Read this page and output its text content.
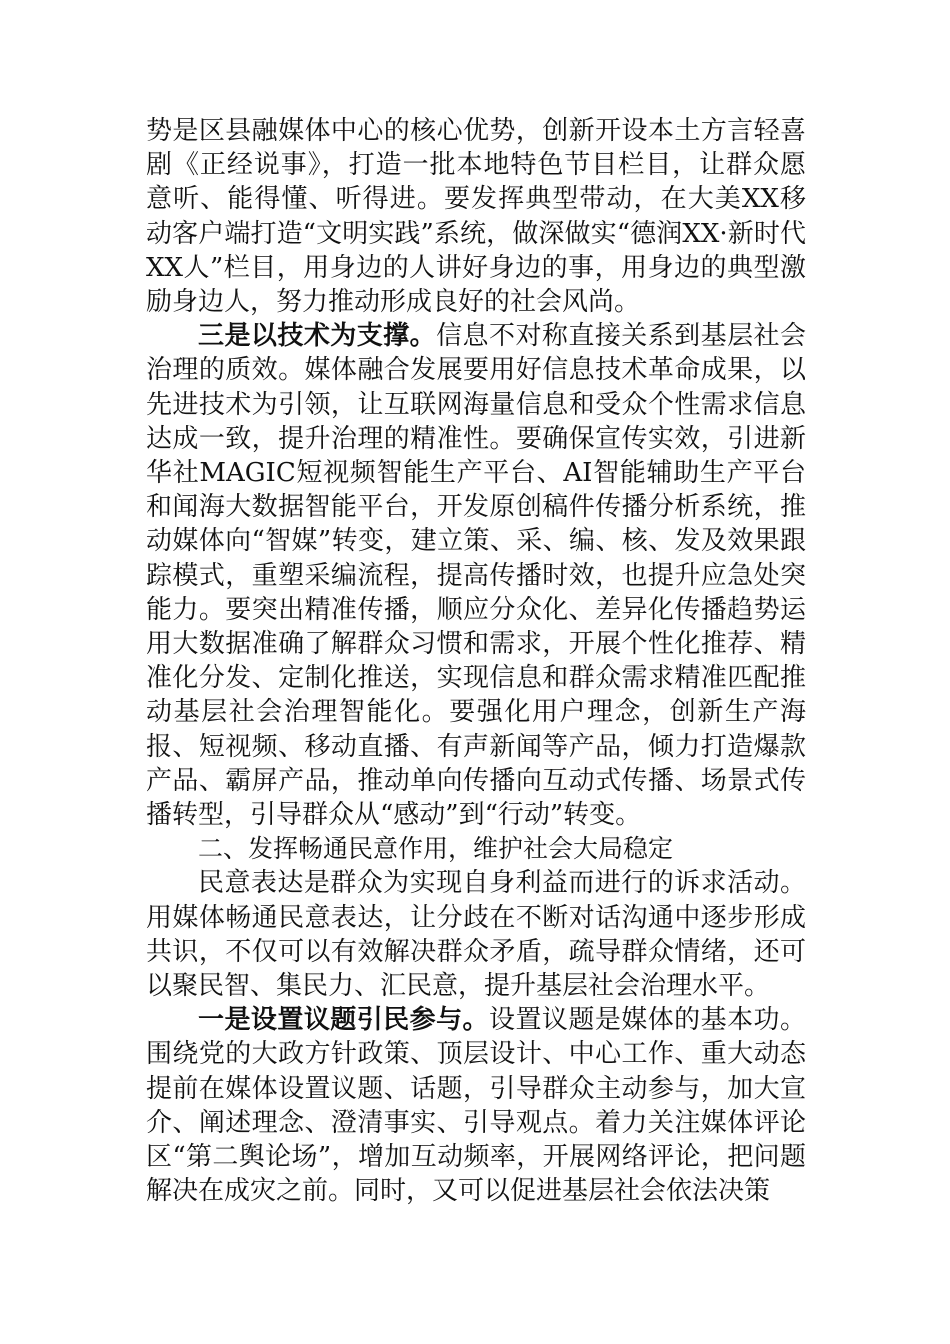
势是区县融媒体中心的核心优势，创新开设本土方言轻喜剧《正经说事》，打造一批本地特色节目栏目，让群众愿意听、能得懂、听得进。要发挥典型带动，在大美XX移动客户端打造“文明实践”系统，做深做实“德润XX·新时代XX人”栏目，用身边的人讲好身边的事，用身边的典型激励身边人，努力推动形成良好的社会风尚。

三是以技术为支撑。信息不对称直接关系到基层社会治理的质效。媒体融合发展要用好信息技术革命成果，以先进技术为引领，让互联网海量信息和受众个性需求信息达成一致，提升治理的精准性。要确保宣传实效，引进新华社MAGIC短视频智能生产平台、AI智能辅助生产平台和闻海大数据智能平台，开发原创稿件传播分析系统，推动媒体向“智媒”转变，建立策、采、编、核、发及效果跟踪模式，重塑采编流程，提高传播时效，也提升应急处突能力。要突出精准传播，顺应分众化、差异化传播趋势运用大数据准确了解群众习惯和需求，开展个性化推荐、精准化分发、定制化推送，实现信息和群众需求精准匹配推动基层社会治理智能化。要强化用户理念，创新生产海报、短视频、移动直播、有声新闻等产品，倾力打造爆款产品、霸屏产品，推动单向传播向互动式传播、场景式传播转型，引导群众从“感动”到“行动”转变。

二、发挥畅通民意作用，维护社会大局稳定

民意表达是群众为实现自身利益而进行的诉求活动。用媒体畅通民意表达，让分歧在不断对话沟通中逐步形成共识，不仅可以有效解决群众矛盾，疏导群众情绪，还可以聚民智、集民力、汇民意，提升基层社会治理水平。

一是设置议题引民参与。设置议题是媒体的基本功。围绕党的大政方针政策、顶层设计、中心工作、重大动态提前在媒体设置议题、话题，引导群众主动参与，加大宣介、阐述理念、澄清事实、引导观点。着力关注媒体评论区“第二舆论场”，增加互动频率，开展网络评论，把问题解决在成灾之前。同时，又可以促进基层社会依法决策
